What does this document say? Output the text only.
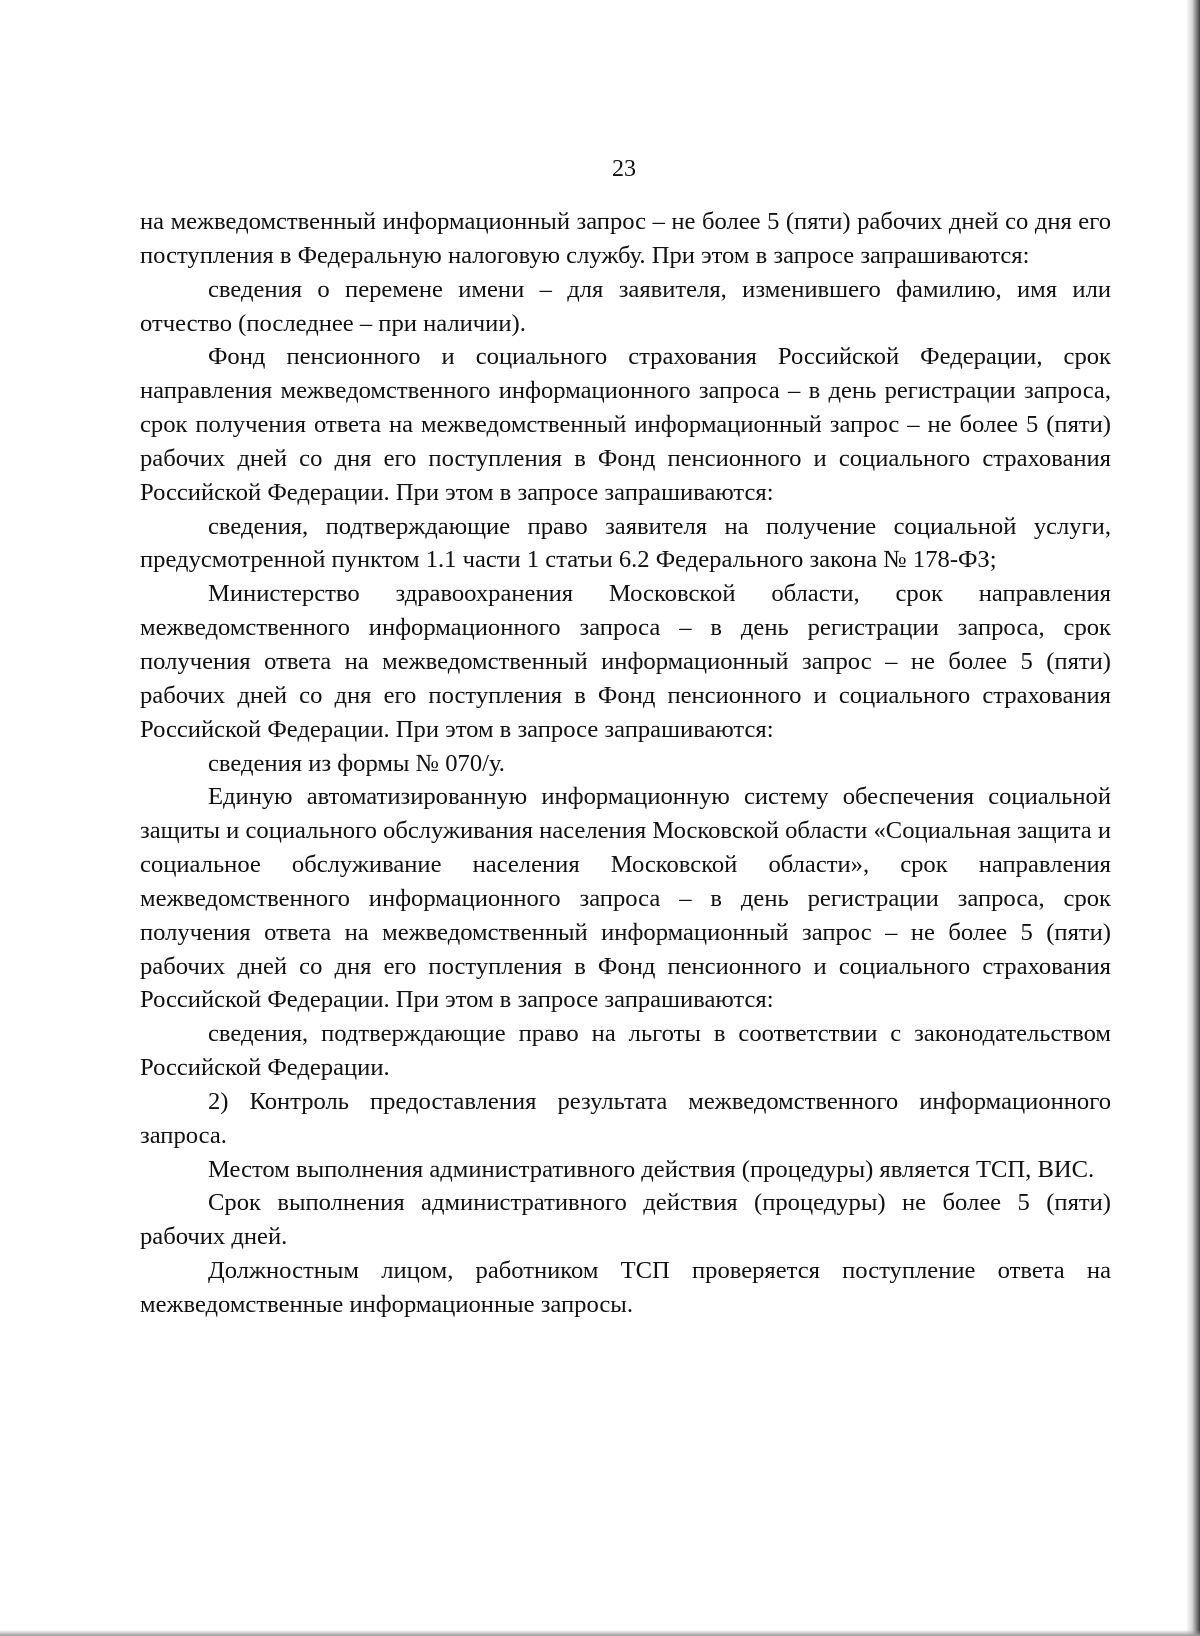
23

на межведомственный информационный запрос – не более 5 (пяти) рабочих дней со дня его поступления в Федеральную налоговую службу. При этом в запросе запрашиваются:

сведения о перемене имени – для заявителя, изменившего фамилию, имя или отчество (последнее – при наличии).

Фонд пенсионного и социального страхования Российской Федерации, срок направления межведомственного информационного запроса – в день регистрации запроса, срок получения ответа на межведомственный информационный запрос – не более 5 (пяти) рабочих дней со дня его поступления в Фонд пенсионного и социального страхования Российской Федерации. При этом в запросе запрашиваются:

сведения, подтверждающие право заявителя на получение социальной услуги, предусмотренной пунктом 1.1 части 1 статьи 6.2 Федерального закона № 178-ФЗ;

Министерство здравоохранения Московской области, срок направления межведомственного информационного запроса – в день регистрации запроса, срок получения ответа на межведомственный информационный запрос – не более 5 (пяти) рабочих дней со дня его поступления в Фонд пенсионного и социального страхования Российской Федерации. При этом в запросе запрашиваются:

сведения из формы № 070/у.

Единую автоматизированную информационную систему обеспечения социальной защиты и социального обслуживания населения Московской области «Социальная защита и социальное обслуживание населения Московской области», срок направления межведомственного информационного запроса – в день регистрации запроса, срок получения ответа на межведомственный информационный запрос – не более 5 (пяти) рабочих дней со дня его поступления в Фонд пенсионного и социального страхования Российской Федерации. При этом в запросе запрашиваются:

сведения, подтверждающие право на льготы в соответствии с законодательством Российской Федерации.

2) Контроль предоставления результата межведомственного информационного запроса.

Местом выполнения административного действия (процедуры) является ТСП, ВИС.

Срок выполнения административного действия (процедуры) не более 5 (пяти) рабочих дней.

Должностным лицом, работником ТСП проверяется поступление ответа на межведомственные информационные запросы.
